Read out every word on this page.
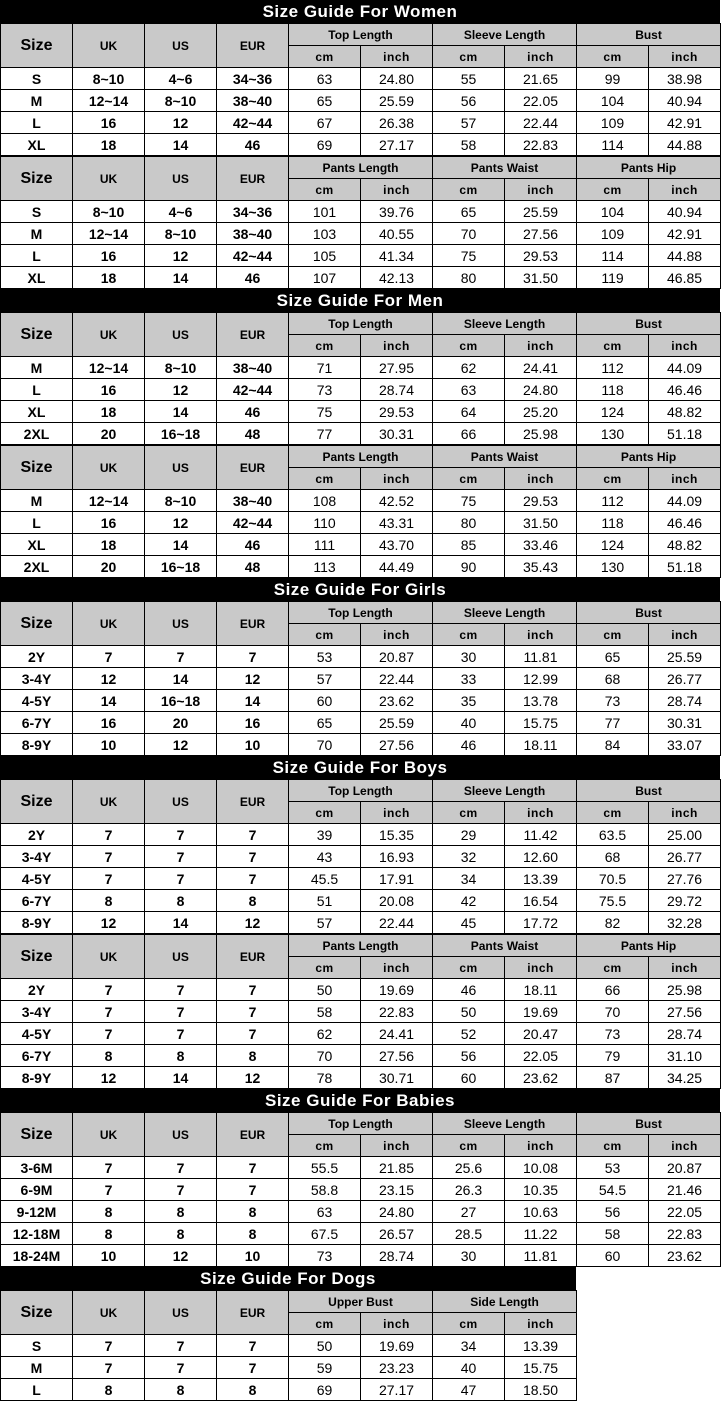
Size Guide For Women
Size	UK	US	EUR	Top Length		Sleeve Length		Bust	
				cm	inch	cm	inch	cm	inch
S	8~10	4~6	34~36	63	24.80	55	21.65	99	38.98
M	12~14	8~10	38~40	65	25.59	56	22.05	104	40.94
L	16	12	42~44	67	26.38	57	22.44	109	42.91
XL	18	14	46	69	27.17	58	22.83	114	44.88
Size	UK	US	EUR	Pants Length		Pants Waist		Pants Hip	
				cm	inch	cm	inch	cm	inch
S	8~10	4~6	34~36	101	39.76	65	25.59	104	40.94
M	12~14	8~10	38~40	103	40.55	70	27.56	109	42.91
L	16	12	42~44	105	41.34	75	29.53	114	44.88
XL	18	14	46	107	42.13	80	31.50	119	46.85
Size Guide For Men
Size	UK	US	EUR	Top Length		Sleeve Length		Bust	
				cm	inch	cm	inch	cm	inch
M	12~14	8~10	38~40	71	27.95	62	24.41	112	44.09
L	16	12	42~44	73	28.74	63	24.80	118	46.46
XL	18	14	46	75	29.53	64	25.20	124	48.82
2XL	20	16~18	48	77	30.31	66	25.98	130	51.18
Size	UK	US	EUR	Pants Length		Pants Waist		Pants Hip	
				cm	inch	cm	inch	cm	inch
M	12~14	8~10	38~40	108	42.52	75	29.53	112	44.09
L	16	12	42~44	110	43.31	80	31.50	118	46.46
XL	18	14	46	111	43.70	85	33.46	124	48.82
2XL	20	16~18	48	113	44.49	90	35.43	130	51.18
Size Guide For Girls
Size	UK	US	EUR	Top Length		Sleeve Length		Bust	
				cm	inch	cm	inch	cm	inch
2Y	7	7	7	53	20.87	30	11.81	65	25.59
3-4Y	12	14	12	57	22.44	33	12.99	68	26.77
4-5Y	14	16~18	14	60	23.62	35	13.78	73	28.74
6-7Y	16	20	16	65	25.59	40	15.75	77	30.31
8-9Y	10	12	10	70	27.56	46	18.11	84	33.07
Size Guide For Boys
Size	UK	US	EUR	Top Length		Sleeve Length		Bust	
				cm	inch	cm	inch	cm	inch
2Y	7	7	7	39	15.35	29	11.42	63.5	25.00
3-4Y	7	7	7	43	16.93	32	12.60	68	26.77
4-5Y	7	7	7	45.5	17.91	34	13.39	70.5	27.76
6-7Y	8	8	8	51	20.08	42	16.54	75.5	29.72
8-9Y	12	14	12	57	22.44	45	17.72	82	32.28
Size	UK	US	EUR	Pants Length		Pants Waist		Pants Hip	
				cm	inch	cm	inch	cm	inch
2Y	7	7	7	50	19.69	46	18.11	66	25.98
3-4Y	7	7	7	58	22.83	50	19.69	70	27.56
4-5Y	7	7	7	62	24.41	52	20.47	73	28.74
6-7Y	8	8	8	70	27.56	56	22.05	79	31.10
8-9Y	12	14	12	78	30.71	60	23.62	87	34.25
Size Guide For Babies
Size	UK	US	EUR	Top Length		Sleeve Length		Bust	
				cm	inch	cm	inch	cm	inch
3-6M	7	7	7	55.5	21.85	25.6	10.08	53	20.87
6-9M	7	7	7	58.8	23.15	26.3	10.35	54.5	21.46
9-12M	8	8	8	63	24.80	27	10.63	56	22.05
12-18M	8	8	8	67.5	26.57	28.5	11.22	58	22.83
18-24M	10	12	10	73	28.74	30	11.81	60	23.62
Size Guide For Dogs
Size	UK	US	EUR	Upper Bust		Side Length	
				cm	inch	cm	inch
S	7	7	7	50	19.69	34	13.39
M	7	7	7	59	23.23	40	15.75
L	8	8	8	69	27.17	47	18.50
